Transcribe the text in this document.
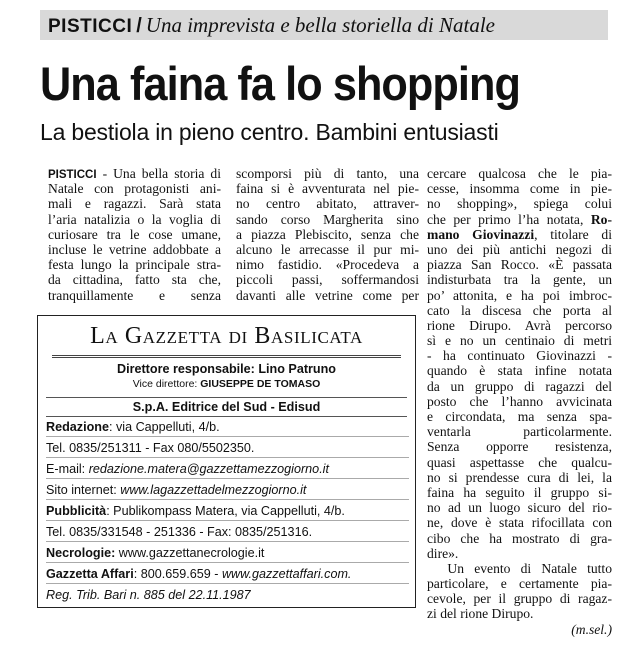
PISTICCI / Una imprevista e bella storiella di Natale
Una faina fa lo shopping
La bestiola in pieno centro. Bambini entusiasti
PISTICCI - Una bella storia di
Natale con protagonisti ani-
mali e ragazzi. Sarà stata
l’aria natalizia o la voglia di
curiosare tra le cose umane,
incluse le vetrine addobbate a
festa lungo la principale stra-
da cittadina, fatto sta che,
tranquillamente e senza
scomporsi più di tanto, una
faina si è avventurata nel pie-
no centro abitato, attraver-
sando corso Margherita sino
a piazza Plebiscito, senza che
alcuno le arrecasse il pur mi-
nimo fastidio. «Procedeva a
piccoli passi, soffermandosi
davanti alle vetrine come per
cercare qualcosa che le pia-
cesse, insomma come in pie-
no shopping», spiega colui
che per primo l’ha notata, Ro-
mano Giovinazzi, titolare di
uno dei più antichi negozi di
piazza San Rocco. «È passata
indisturbata tra la gente, un
po’ attonita, e ha poi imbroc-
cato la discesa che porta al
rione Dirupo. Avrà percorso
sì e no un centinaio di metri
- ha continuato Giovinazzi -
quando è stata infine notata
da un gruppo di ragazzi del
posto che l’hanno avvicinata
e circondata, ma senza spa-
ventarla particolarmente.
Senza opporre resistenza,
quasi aspettasse che qualcu-
no si prendesse cura di lei, la
faina ha seguito il gruppo si-
no ad un luogo sicuro del rio-
ne, dove è stata rifocillata con
cibo che ha mostrato di gra-
dire».
Un evento di Natale tutto
particolare, e certamente pia-
cevole, per il gruppo di ragaz-
zi del rione Dirupo.
(m.sel.)
La Gazzetta di Basilicata
Direttore responsabile: Lino Patruno
Vice direttore: GIUSEPPE DE TOMASO
S.p.A. Editrice del Sud - Edisud
Redazione: via Cappelluti, 4/b.
Tel. 0835/251311 - Fax 080/5502350.
E-mail: redazione.matera@gazzettamezzogiorno.it
Sito internet: www.lagazzettadelmezzogiorno.it
Pubblicità: Publikompass Matera, via Cappelluti, 4/b.
Tel. 0835/331548 - 251336 - Fax: 0835/251316.
Necrologie: www.gazzettanecrologie.it
Gazzetta Affari: 800.659.659 - www.gazzettaffari.com.
Reg. Trib. Bari n. 885 del 22.11.1987
